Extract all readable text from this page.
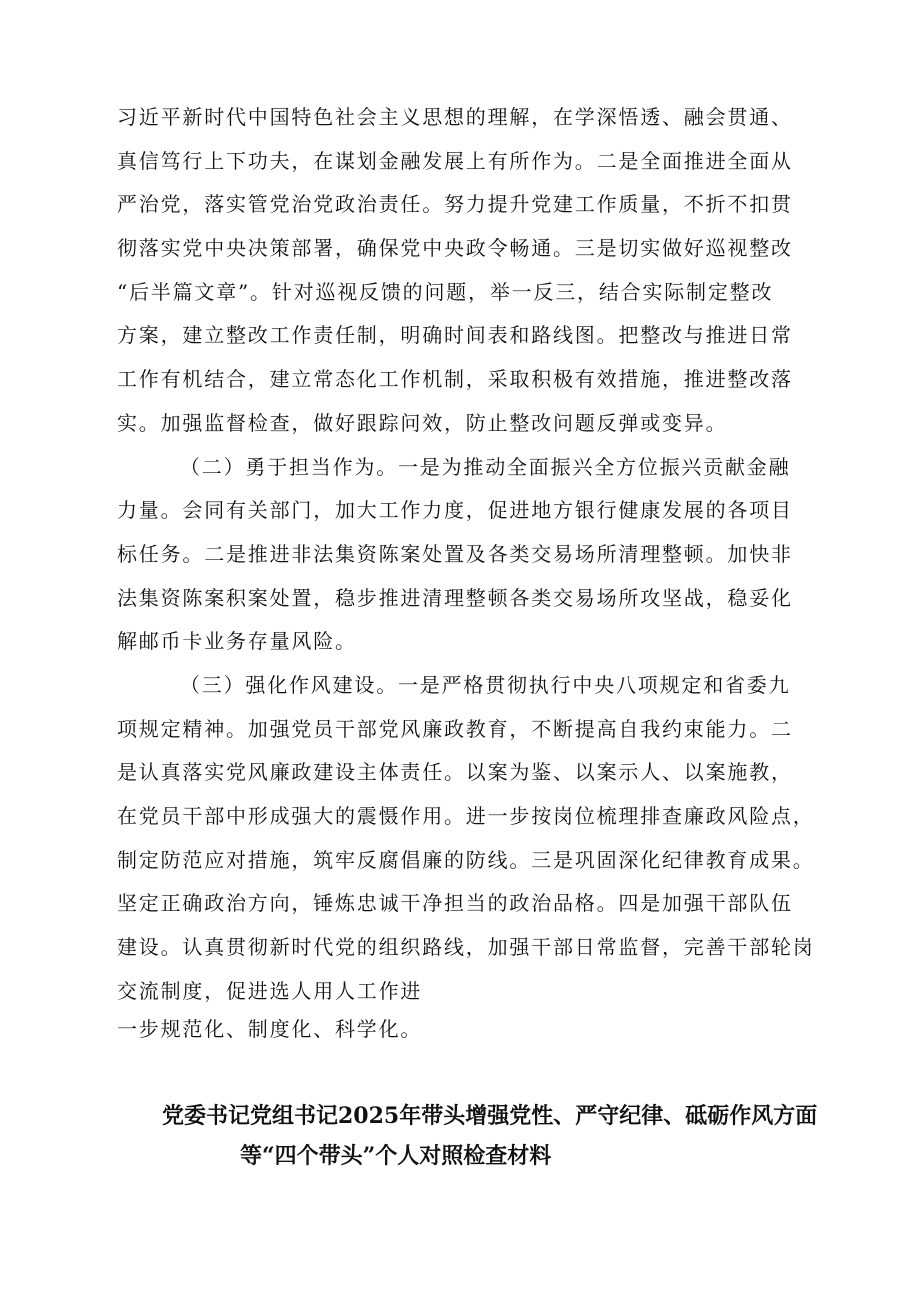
习近平新时代中国特色社会主义思想的理解，在学深悟透、融会贯通、
真信笃行上下功夫，在谋划金融发展上有所作为。二是全面推进全面从
严治党，落实管党治党政治责任。努力提升党建工作质量，不折不扣贯
彻落实党中央决策部署，确保党中央政令畅通。三是切实做好巡视整改
“后半篇文章”。针对巡视反馈的问题，举一反三，结合实际制定整改
方案，建立整改工作责任制，明确时间表和路线图。把整改与推进日常
工作有机结合，建立常态化工作机制，采取积极有效措施，推进整改落
实。加强监督检查，做好跟踪问效，防止整改问题反弹或变异。
（二）勇于担当作为。一是为推动全面振兴全方位振兴贡献金融
力量。会同有关部门，加大工作力度，促进地方银行健康发展的各项目
标任务。二是推进非法集资陈案处置及各类交易场所清理整顿。加快非
法集资陈案积案处置，稳步推进清理整顿各类交易场所攻坚战，稳妥化
解邮币卡业务存量风险。
（三）强化作风建设。一是严格贯彻执行中央八项规定和省委九
项规定精神。加强党员干部党风廉政教育，不断提高自我约束能力。二
是认真落实党风廉政建设主体责任。以案为鉴、以案示人、以案施教，
在党员干部中形成强大的震慑作用。进一步按岗位梳理排查廉政风险点，
制定防范应对措施，筑牢反腐倡廉的防线。三是巩固深化纪律教育成果。
坚定正确政治方向，锤炼忠诚干净担当的政治品格。四是加强干部队伍
建设。认真贯彻新时代党的组织路线，加强干部日常监督，完善干部轮岗
交流制度，促进选人用人工作进
一步规范化、制度化、科学化。
党委书记党组书记2025年带头增强党性、严守纪律、砥砺作风方面
等“四个带头”个人对照检查材料
